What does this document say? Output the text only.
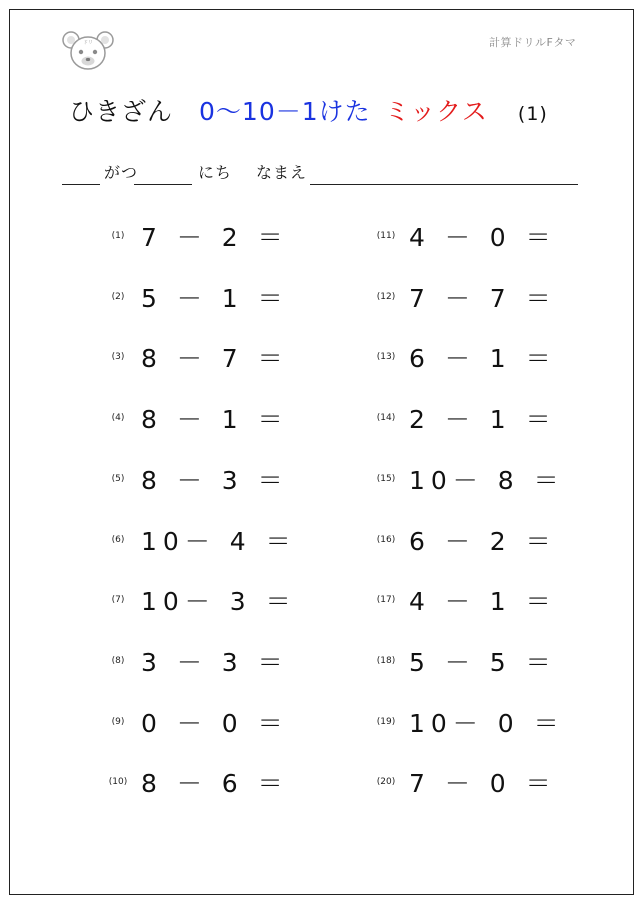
ドリ	計算ドリルFタマ
ひきざん 0～10－1けた ミックス (1)
がつ	にち なまえ
(1) 7 － 2 ＝
(2) 5 － 1 ＝
(3) 8 － 7 ＝
(4) 8 － 1 ＝
(5) 8 － 3 ＝
(6) 10－ 4 ＝
(7) 10－ 3 ＝
(8) 3 － 3 ＝
(9) 0 － 0 ＝
(10) 8 － 6 ＝
(11) 4 － 0 ＝
(12) 7 － 7 ＝
(13) 6 － 1 ＝
(14) 2 － 1 ＝
(15) 10－ 8 ＝
(16) 6 － 2 ＝
(17) 4 － 1 ＝
(18) 5 － 5 ＝
(19) 10－ 0 ＝
(20) 7 － 0 ＝
